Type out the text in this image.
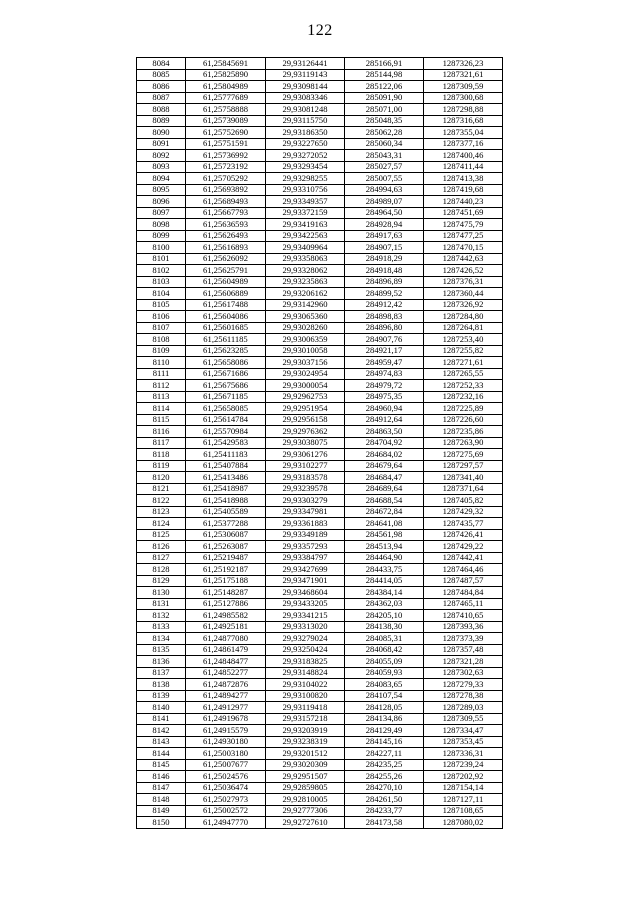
122
8084	61,25845691	29,93126441	285166,91	1287326,23
8085	61,25825890	29,93119143	285144,98	1287321,61
8086	61,25804989	29,93098144	285122,06	1287309,59
8087	61,25777689	29,93083346	285091,90	1287300,68
8088	61,25758888	29,93081248	285071,00	1287298,88
8089	61,25739089	29,93115750	285048,35	1287316,68
8090	61,25752690	29,93186350	285062,28	1287355,04
8091	61,25751591	29,93227650	285060,34	1287377,16
8092	61,25736992	29,93272052	285043,31	1287400,46
8093	61,25723192	29,93293454	285027,57	1287411,44
8094	61,25705292	29,93298255	285007,55	1287413,38
8095	61,25693892	29,93310756	284994,63	1287419,68
8096	61,25689493	29,93349357	284989,07	1287440,23
8097	61,25667793	29,93372159	284964,50	1287451,69
8098	61,25636593	29,93419163	284928,94	1287475,79
8099	61,25626493	29,93422563	284917,63	1287477,25
8100	61,25616893	29,93409964	284907,15	1287470,15
8101	61,25626092	29,93358063	284918,29	1287442,63
8102	61,25625791	29,93328062	284918,48	1287426,52
8103	61,25604989	29,93235863	284896,89	1287376,31
8104	61,25606889	29,93206162	284899,52	1287360,44
8105	61,25617488	29,93142960	284912,42	1287326,92
8106	61,25604086	29,93065360	284898,83	1287284,80
8107	61,25601685	29,93028260	284896,80	1287264,81
8108	61,25611185	29,93006359	284907,76	1287253,40
8109	61,25623285	29,93010058	284921,17	1287255,82
8110	61,25658086	29,93037156	284959,47	1287271,61
8111	61,25671686	29,93024954	284974,83	1287265,55
8112	61,25675686	29,93000054	284979,72	1287252,33
8113	61,25671185	29,92962753	284975,35	1287232,16
8114	61,25658085	29,92951954	284960,94	1287225,89
8115	61,25614784	29,92956158	284912,64	1287226,60
8116	61,25570984	29,92976362	284863,50	1287235,86
8117	61,25429583	29,93038075	284704,92	1287263,90
8118	61,25411183	29,93061276	284684,02	1287275,69
8119	61,25407884	29,93102277	284679,64	1287297,57
8120	61,25413486	29,93183578	284684,47	1287341,40
8121	61,25418987	29,93239578	284689,64	1287371,64
8122	61,25418988	29,93303279	284688,54	1287405,82
8123	61,25405589	29,93347981	284672,84	1287429,32
8124	61,25377288	29,93361883	284641,08	1287435,77
8125	61,25306087	29,93349189	284561,98	1287426,41
8126	61,25263087	29,93357293	284513,94	1287429,22
8127	61,25219487	29,93384797	284464,90	1287442,41
8128	61,25192187	29,93427699	284433,75	1287464,46
8129	61,25175188	29,93471901	284414,05	1287487,57
8130	61,25148287	29,93468604	284384,14	1287484,84
8131	61,25127886	29,93433205	284362,03	1287465,11
8132	61,24985582	29,93341215	284205,10	1287410,65
8133	61,24925181	29,93313020	284138,30	1287393,36
8134	61,24877080	29,93279024	284085,31	1287373,39
8135	61,24861479	29,93250424	284068,42	1287357,48
8136	61,24848477	29,93183825	284055,09	1287321,28
8137	61,24852277	29,93148824	284059,93	1287302,63
8138	61,24872876	29,93104022	284083,65	1287279,33
8139	61,24894277	29,93100820	284107,54	1287278,38
8140	61,24912977	29,93119418	284128,05	1287289,03
8141	61,24919678	29,93157218	284134,86	1287309,55
8142	61,24915579	29,93203919	284129,49	1287334,47
8143	61,24930180	29,93238319	284145,16	1287353,45
8144	61,25003180	29,93201512	284227,11	1287336,31
8145	61,25007677	29,93020309	284235,25	1287239,24
8146	61,25024576	29,92951507	284255,26	1287202,92
8147	61,25036474	29,92859805	284270,10	1287154,14
8148	61,25027973	29,92810005	284261,50	1287127,11
8149	61,25002572	29,92777306	284233,77	1287108,65
8150	61,24947770	29,92727610	284173,58	1287080,02
